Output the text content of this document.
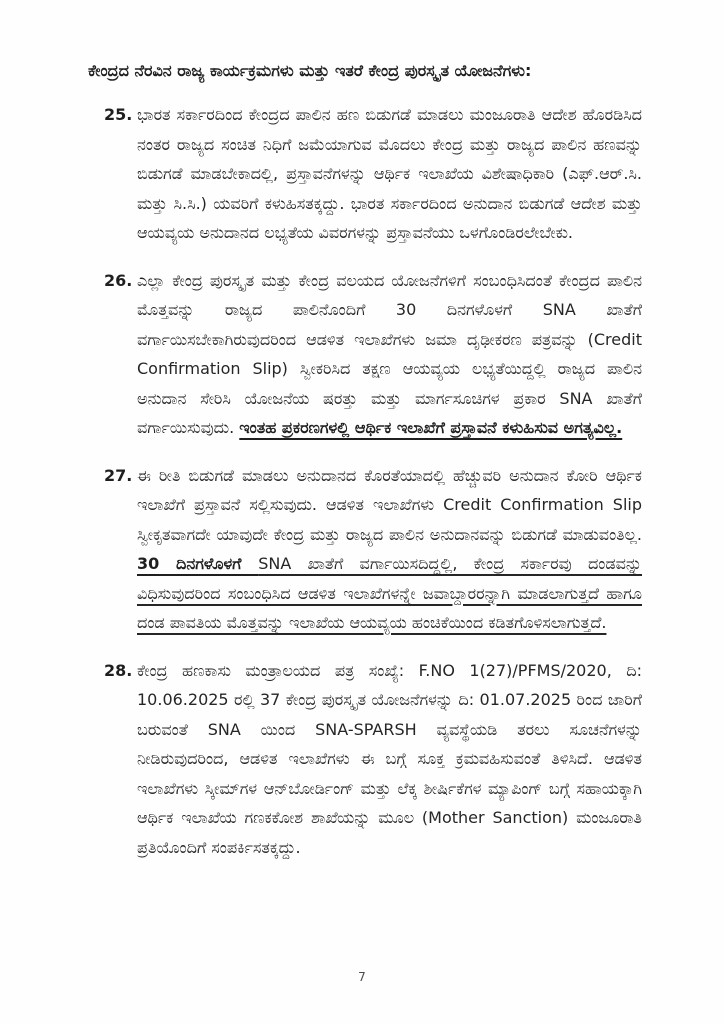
ಕೇಂದ್ರದ ನೆರವಿನ ರಾಜ್ಯ ಕಾರ್ಯಕ್ರಮಗಳು ಮತ್ತು ಇತರೆ ಕೇಂದ್ರ ಪುರಸ್ಕೃತ ಯೋಜನೆಗಳು:
25. ಭಾರತ ಸರ್ಕಾರದಿಂದ ಕೇಂದ್ರದ ಪಾಲಿನ ಹಣ ಬಿಡುಗಡೆ ಮಾಡಲು ಮಂಜೂರಾತಿ ಆದೇಶ ಹೊರಡಿಸಿದ ನಂತರ ರಾಜ್ಯದ ಸಂಚಿತ ನಿಧಿಗೆ ಜಮೆಯಾಗುವ ಮೊದಲು ಕೇಂದ್ರ ಮತ್ತು ರಾಜ್ಯದ ಪಾಲಿನ ಹಣವನ್ನು ಬಿಡುಗಡೆ ಮಾಡಬೇಕಾದಲ್ಲಿ, ಪ್ರಸ್ತಾವನೆಗಳನ್ನು ಆರ್ಥಿಕ ಇಲಾಖೆಯ ವಿಶೇಷಾಧಿಕಾರಿ (ಎಫ್.ಆರ್.ಸಿ. ಮತ್ತು ಸಿ.ಸಿ.) ಯವರಿಗೆ ಕಳುಹಿಸತಕ್ಕದ್ದು. ಭಾರತ ಸರ್ಕಾರದಿಂದ ಅನುದಾನ ಬಿಡುಗಡೆ ಆದೇಶ ಮತ್ತು ಆಯವ್ಯಯ ಅನುದಾನದ ಲಭ್ಯತೆಯ ವಿವರಗಳನ್ನು ಪ್ರಸ್ತಾವನೆಯು ಒಳಗೊಂಡಿರಲೇಬೇಕು.
26. ಎಲ್ಲಾ ಕೇಂದ್ರ ಪುರಸ್ಕೃತ ಮತ್ತು ಕೇಂದ್ರ ವಲಯದ ಯೋಜನೆಗಳಿಗೆ ಸಂಬಂಧಿಸಿದಂತೆ ಕೇಂದ್ರದ ಪಾಲಿನ ಮೊತ್ತವನ್ನು ರಾಜ್ಯದ ಪಾಲಿನೊಂದಿಗೆ 30 ದಿನಗಳೊಳಗೆ SNA ಖಾತೆಗೆ ವರ್ಗಾಯಿಸಬೇಕಾಗಿರುವುದರಿಂದ ಆಡಳಿತ ಇಲಾಖೆಗಳು ಜಮಾ ದೃಢೀಕರಣ ಪತ್ರವನ್ನು (Credit Confirmation Slip) ಸ್ವೀಕರಿಸಿದ ತಕ್ಷಣ ಆಯವ್ಯಯ ಲಭ್ಯತೆಯಿದ್ದಲ್ಲಿ ರಾಜ್ಯದ ಪಾಲಿನ ಅನುದಾನ ಸೇರಿಸಿ ಯೋಜನೆಯ ಷರತ್ತು ಮತ್ತು ಮಾರ್ಗಸೂಚಿಗಳ ಪ್ರಕಾರ SNA ಖಾತೆಗೆ ವರ್ಗಾಯಿಸುವುದು. ಇಂತಹ ಪ್ರಕರಣಗಳಲ್ಲಿ ಆರ್ಥಿಕ ಇಲಾಖೆಗೆ ಪ್ರಸ್ತಾವನೆ ಕಳುಹಿಸುವ ಅಗತ್ಯವಿಲ್ಲ.
27. ಈ ರೀತಿ ಬಿಡುಗಡೆ ಮಾಡಲು ಅನುದಾನದ ಕೊರತೆಯಾದಲ್ಲಿ ಹೆಚ್ಚುವರಿ ಅನುದಾನ ಕೋರಿ ಆರ್ಥಿಕ ಇಲಾಖೆಗೆ ಪ್ರಸ್ತಾವನೆ ಸಲ್ಲಿಸುವುದು. ಆಡಳಿತ ಇಲಾಖೆಗಳು Credit Confirmation Slip ಸ್ವೀಕೃತವಾಗದೇ ಯಾವುದೇ ಕೇಂದ್ರ ಮತ್ತು ರಾಜ್ಯದ ಪಾಲಿನ ಅನುದಾನವನ್ನು ಬಿಡುಗಡೆ ಮಾಡುವಂತಿಲ್ಲ. 30 ದಿನಗಳೊಳಗೆ SNA ಖಾತೆಗೆ ವರ್ಗಾಯಿಸದಿದ್ದಲ್ಲಿ, ಕೇಂದ್ರ ಸರ್ಕಾರವು ದಂಡವನ್ನು ವಿಧಿಸುವುದರಿಂದ ಸಂಬಂಧಿಸಿದ ಆಡಳಿತ ಇಲಾಖೆಗಳನ್ನೇ ಜವಾಬ್ದಾರರನ್ನಾಗಿ ಮಾಡಲಾಗುತ್ತದೆ ಹಾಗೂ ದಂಡ ಪಾವತಿಯ ಮೊತ್ತವನ್ನು ಇಲಾಖೆಯ ಆಯವ್ಯಯ ಹಂಚಿಕೆಯಿಂದ ಕಡಿತಗೊಳಿಸಲಾಗುತ್ತದೆ.
28. ಕೇಂದ್ರ ಹಣಕಾಸು ಮಂತ್ರಾಲಯದ ಪತ್ರ ಸಂಖ್ಯೆ: F.NO 1(27)/PFMS/2020, ದಿ: 10.06.2025 ರಲ್ಲಿ 37 ಕೇಂದ್ರ ಪುರಸ್ಕೃತ ಯೋಜನೆಗಳನ್ನು ದಿ: 01.07.2025 ರಿಂದ ಜಾರಿಗೆ ಬರುವಂತೆ SNA ಯಿಂದ SNA-SPARSH ವ್ಯವಸ್ಥೆಯಡಿ ತರಲು ಸೂಚನೆಗಳನ್ನು ನೀಡಿರುವುದರಿಂದ, ಆಡಳಿತ ಇಲಾಖೆಗಳು ಈ ಬಗ್ಗೆ ಸೂಕ್ತ ಕ್ರಮವಹಿಸುವಂತೆ ತಿಳಿಸಿದೆ. ಆಡಳಿತ ಇಲಾಖೆಗಳು ಸ್ಕೀಮ್‌ಗಳ ಆನ್‌ಬೋರ್ಡಿಂಗ್ ಮತ್ತು ಲೆಕ್ಕ ಶೀರ್ಷಿಕೆಗಳ ಮ್ಯಾಪಿಂಗ್ ಬಗ್ಗೆ ಸಹಾಯಕ್ಕಾಗಿ ಆರ್ಥಿಕ ಇಲಾಖೆಯ ಗಣಕಕೋಶ ಶಾಖೆಯನ್ನು ಮೂಲ (Mother Sanction) ಮಂಜೂರಾತಿ ಪ್ರತಿಯೊಂದಿಗೆ ಸಂಪರ್ಕಿಸತಕ್ಕದ್ದು.
7
